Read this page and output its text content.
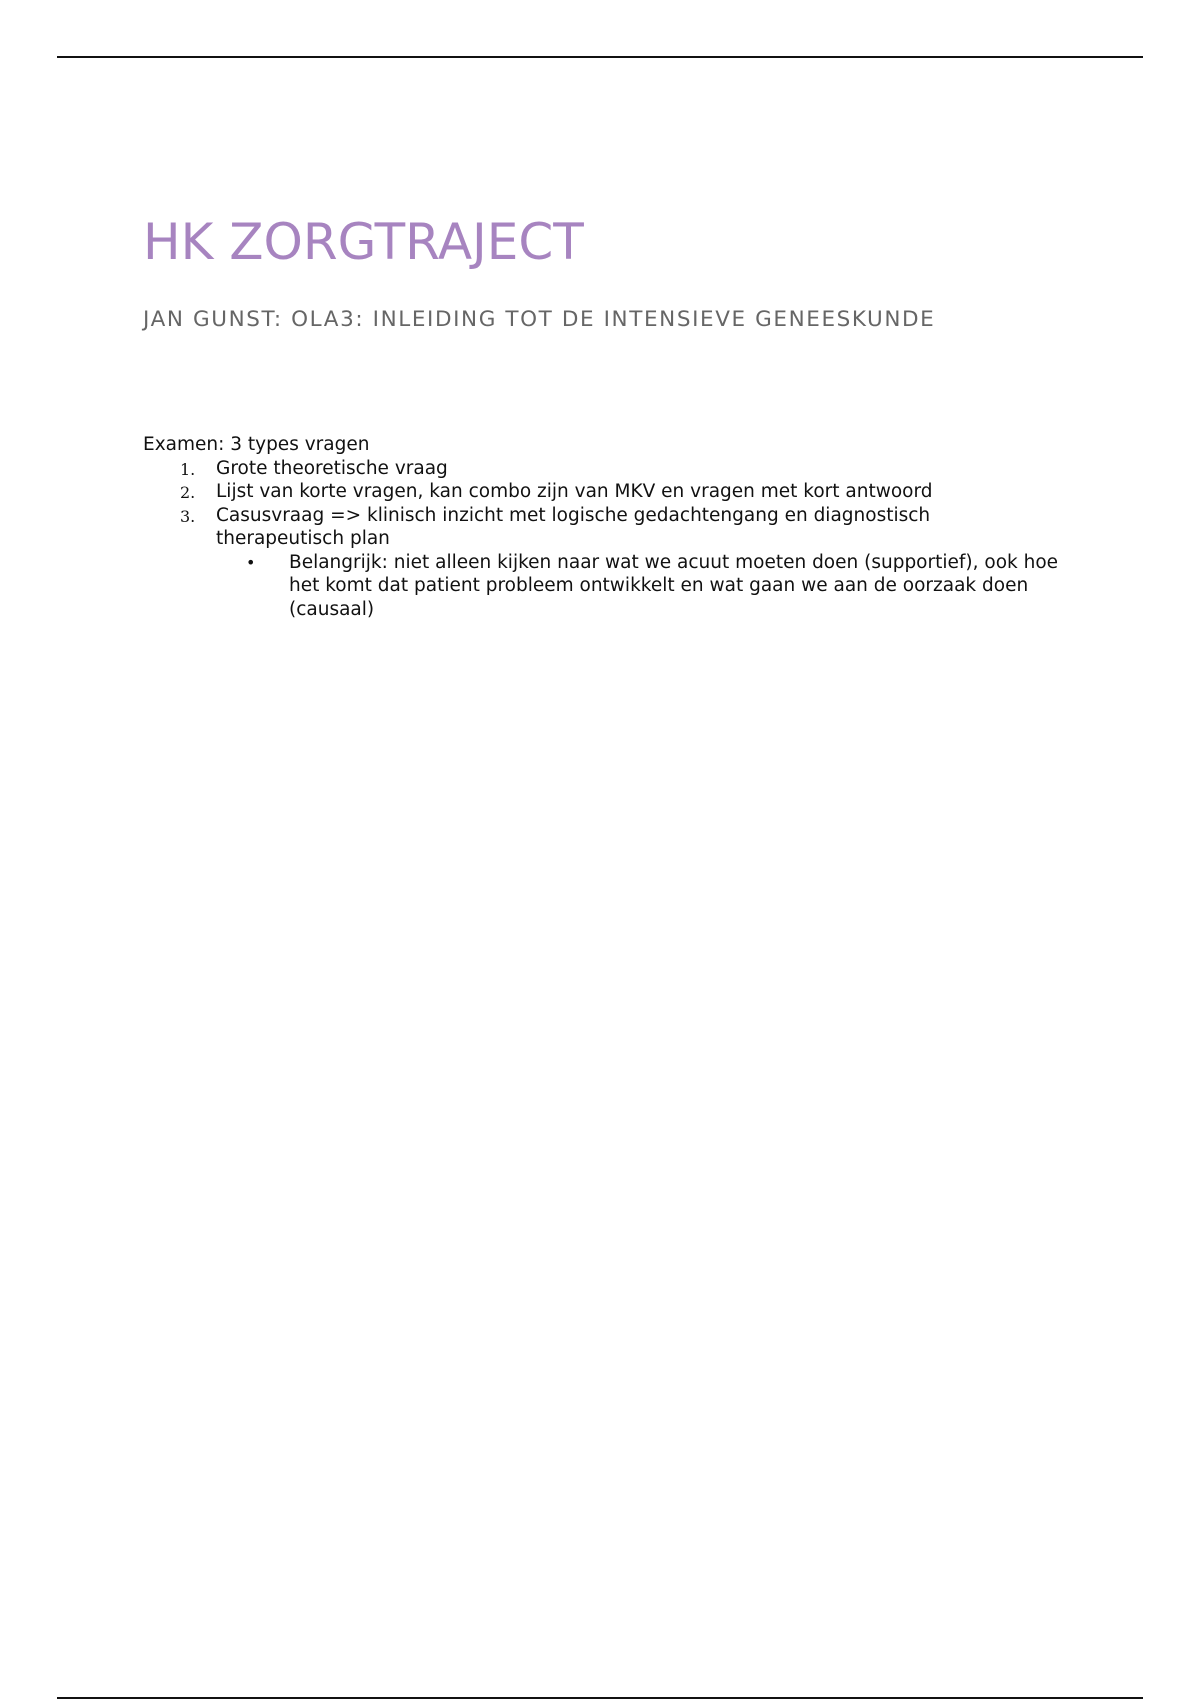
HK ZORGTRAJECT
JAN GUNST: OLA3: INLEIDING TOT DE INTENSIEVE GENEESKUNDE

Examen: 3 types vragen

1. Grote theoretische vraag
2. Lijst van korte vragen, kan combo zijn van MKV en vragen met kort antwoord
3. Casusvraag => klinisch inzicht met logische gedachtengang en diagnostisch therapeutisch plan
• Belangrijk: niet alleen kijken naar wat we acuut moeten doen (supportief), ook hoe het komt dat patient probleem ontwikkelt en wat gaan we aan de oorzaak doen (causaal)
